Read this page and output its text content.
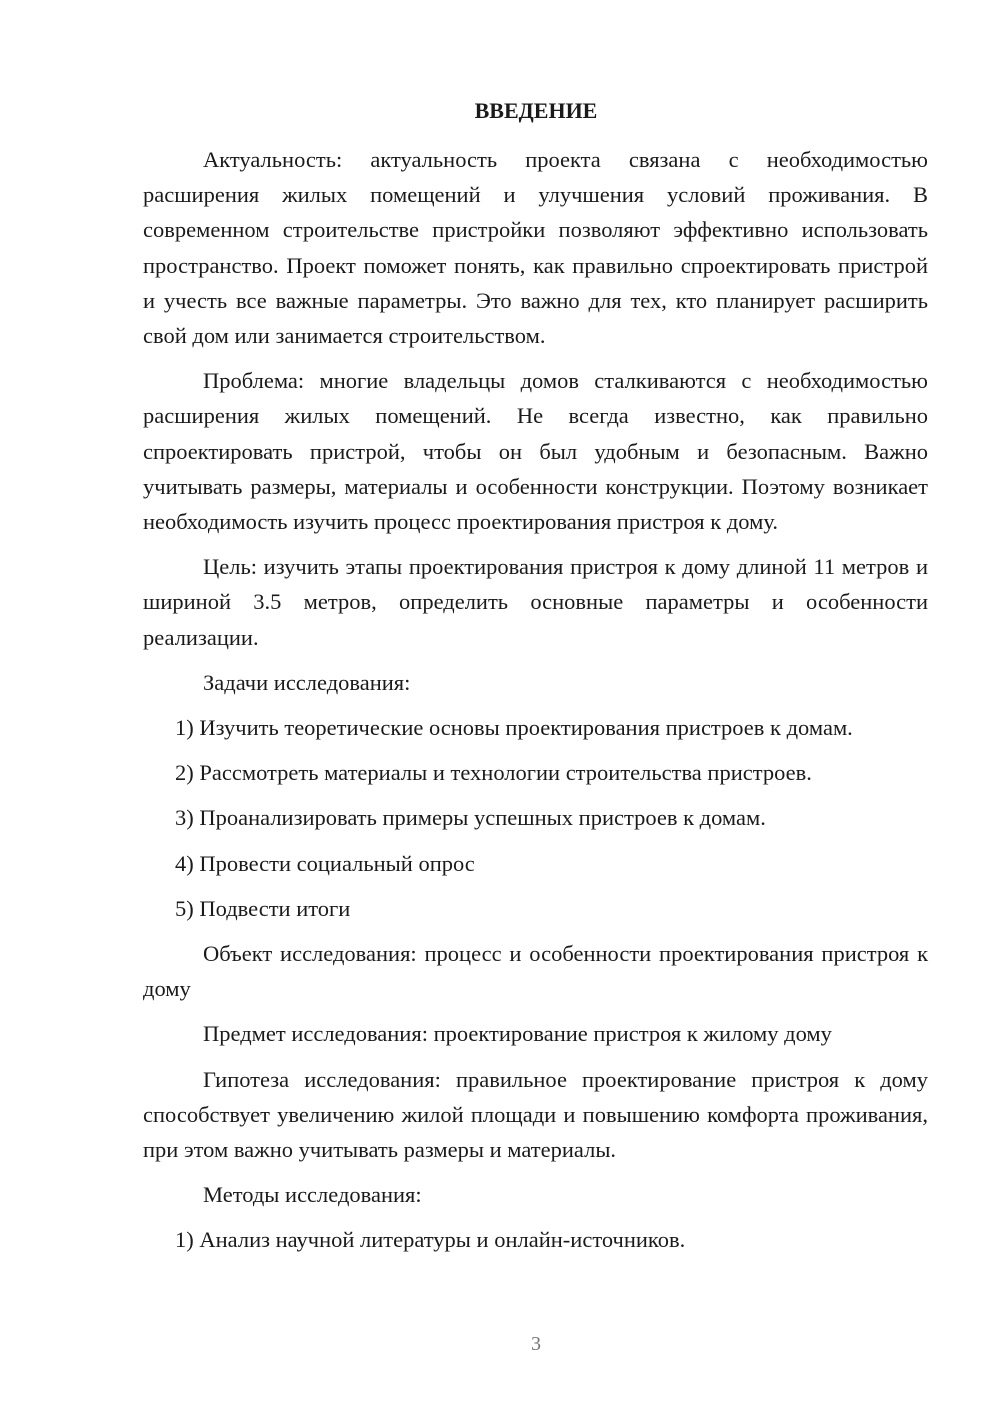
ВВЕДЕНИЕ

Актуальность: актуальность проекта связана с необходимостью расширения жилых помещений и улучшения условий проживания. В современном строительстве пристройки позволяют эффективно использовать пространство. Проект поможет понять, как правильно спроектировать пристрой и учесть все важные параметры. Это важно для тех, кто планирует расширить свой дом или занимается строительством.

Проблема: многие владельцы домов сталкиваются с необходимостью расширения жилых помещений. Не всегда известно, как правильно спроектировать пристрой, чтобы он был удобным и безопасным. Важно учитывать размеры, материалы и особенности конструкции. Поэтому возникает необходимость изучить процесс проектирования пристроя к дому.

Цель: изучить этапы проектирования пристроя к дому длиной 11 метров и шириной 3.5 метров, определить основные параметры и особенности реализации.

Задачи исследования:

1) Изучить теоретические основы проектирования пристроев к домам.

2) Рассмотреть материалы и технологии строительства пристроев.

3) Проанализировать примеры успешных пристроев к домам.

4) Провести социальный опрос

5) Подвести итоги

Объект исследования: процесс и особенности проектирования пристроя к дому

Предмет исследования: проектирование пристроя к жилому дому

Гипотеза исследования: правильное проектирование пристроя к дому способствует увеличению жилой площади и повышению комфорта проживания, при этом важно учитывать размеры и материалы.

Методы исследования:

1) Анализ научной литературы и онлайн-источников.

3
